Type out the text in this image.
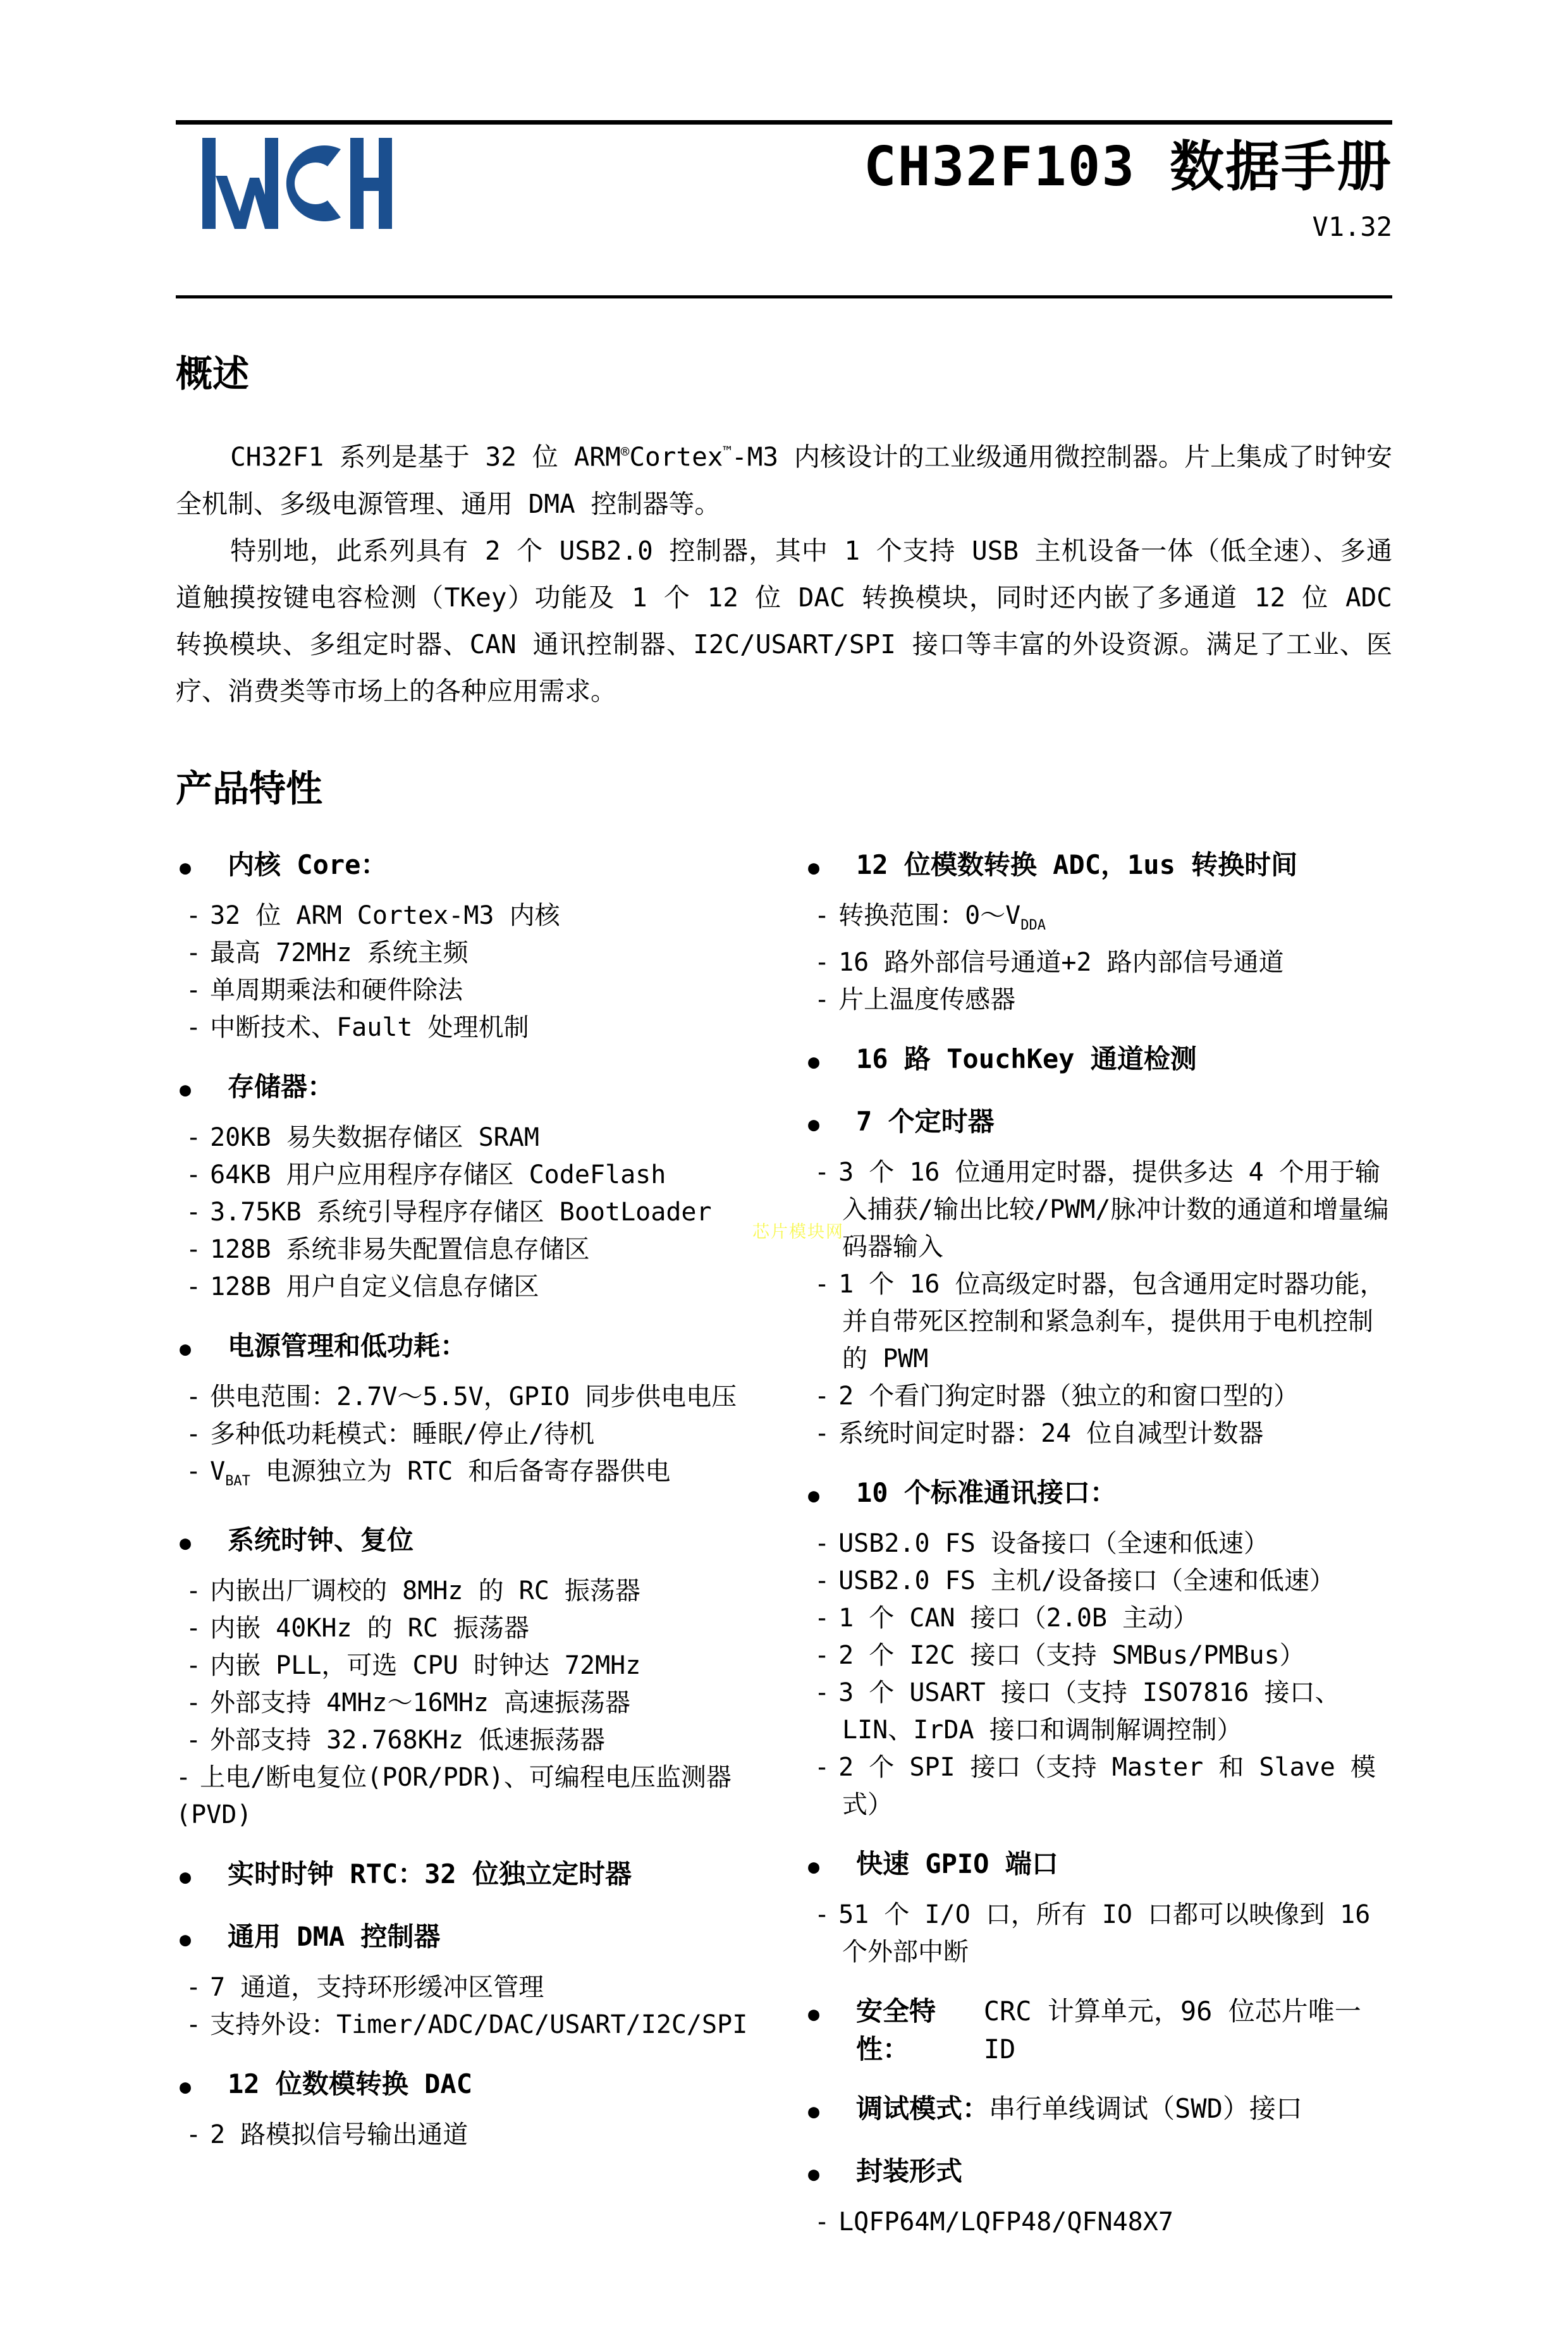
CH32F103 数据手册
V1.32
概述

CH32F1 系列是基于 32 位 ARM®Cortex™-M3 内核设计的工业级通用微控制器。片上集成了时钟安全机制、多级电源管理、通用 DMA 控制器等。

特别地，此系列具有 2 个 USB2.0 控制器，其中 1 个支持 USB 主机设备一体（低全速）、多通道触摸按键电容检测（TKey）功能及 1 个 12 位 DAC 转换模块，同时还内嵌了多通道 12 位 ADC 转换模块、多组定时器、CAN 通讯控制器、I2C/USART/SPI 接口等丰富的外设资源。满足了工业、医疗、消费类等市场上的各种应用需求。

产品特性
●	内核 Core：
- 32 位 ARM Cortex-M3 内核
- 最高 72MHz 系统主频
- 单周期乘法和硬件除法
- 中断技术、Fault 处理机制
●	存储器：
- 20KB 易失数据存储区 SRAM
- 64KB 用户应用程序存储区 CodeFlash
- 3.75KB 系统引导程序存储区 BootLoader
- 128B 系统非易失配置信息存储区
- 128B 用户自定义信息存储区
●	电源管理和低功耗：
- 供电范围：2.7V～5.5V，GPIO 同步供电电压
- 多种低功耗模式：睡眠/停止/待机
- $V_{BAT}$ 电源独立为 RTC 和后备寄存器供电
●	系统时钟、复位
- 内嵌出厂调校的 8MHz 的 RC 振荡器
- 内嵌 40KHz 的 RC 振荡器
- 内嵌 PLL，可选 CPU 时钟达 72MHz
- 外部支持 4MHz～16MHz 高速振荡器
- 外部支持 32.768KHz 低速振荡器
- 上电/断电复位(POR/PDR)、可编程电压监测器(PVD)
●	实时时钟 RTC：32 位独立定时器
●	通用 DMA 控制器
- 7 通道，支持环形缓冲区管理
- 支持外设：Timer/ADC/DAC/USART/I2C/SPI
●	12 位数模转换 DAC
- 2 路模拟信号输出通道
●	12 位模数转换 ADC，1us 转换时间
- 转换范围：$0\sim V_{DDA}$
- 16 路外部信号通道+2 路内部信号通道
- 片上温度传感器
●	16 路 TouchKey 通道检测
●	7 个定时器
- 3 个 16 位通用定时器，提供多达 4 个用于输入捕获/输出比较/PWM/脉冲计数的通道和增量编码器输入
- 1 个 16 位高级定时器，包含通用定时器功能，并自带死区控制和紧急刹车，提供用于电机控制的 PWM
- 2 个看门狗定时器（独立的和窗口型的）
- 系统时间定时器：24 位自减型计数器
●	10 个标准通讯接口：
- USB2.0 FS 设备接口（全速和低速）
- USB2.0 FS 主机/设备接口（全速和低速）
- 1 个 CAN 接口（2.0B 主动）
- 2 个 I2C 接口（支持 SMBus/PMBus）
- 3 个 USART 接口（支持 ISO7816 接口、LIN、IrDA 接口和调制解调控制）
- 2 个 SPI 接口（支持 Master 和 Slave 模式）
●	快速 GPIO 端口
- 51 个 I/O 口，所有 IO 口都可以映像到 16 个外部中断
●	安全特性：
CRC 计算单元，96 位芯片唯一 ID
●	调试模式： 串行单线调试（SWD）接口
●	封装形式
- LQFP64M/LQFP48/QFN48X7
芯片模块网
